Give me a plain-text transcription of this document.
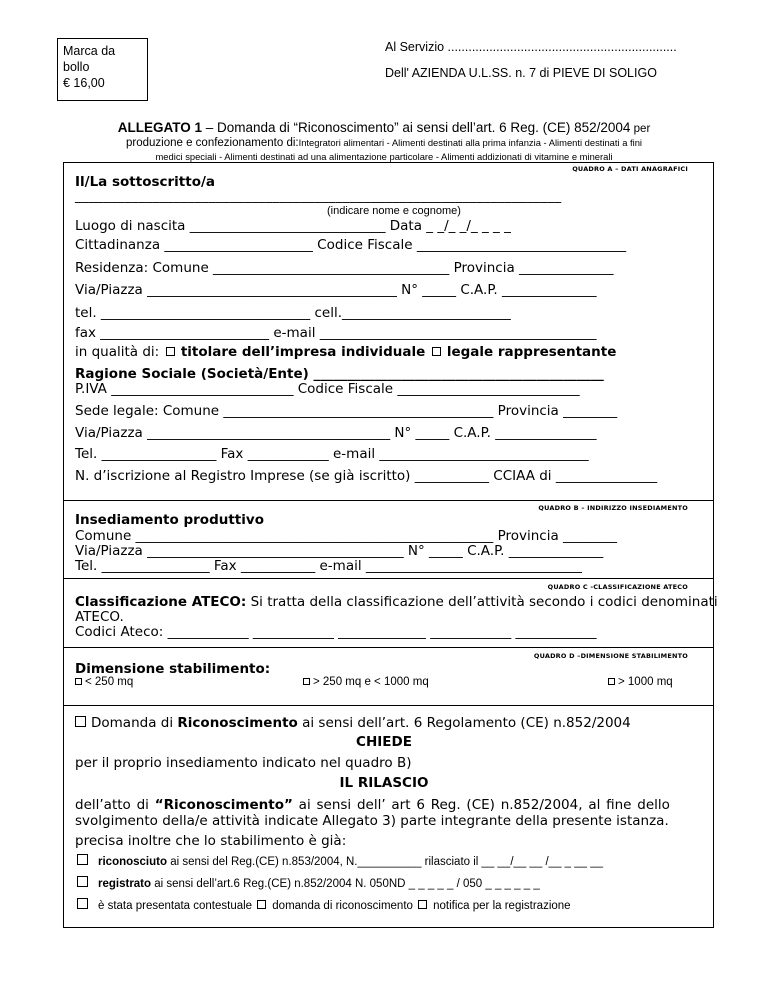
Marca da
bollo
€ 16,00
Al Servizio ..................................................................
Dell' AZIENDA U.L.SS. n. 7 di PIEVE DI SOLIGO
ALLEGATO 1 – Domanda di “Riconoscimento” ai sensi dell’art. 6 Reg. (CE) 852/2004 per
produzione e confezionamento di:Integratori alimentari - Alimenti destinati alla prima infanzia - Alimenti destinati a fini
medici speciali - Alimenti destinati ad una alimentazione particolare - Alimenti addizionati di vitamine e minerali
QUADRO A – DATI ANAGRAFICI
Il/La sottoscritto/a
_____________________________________________________________________
(indicare nome e cognome)
Luogo di nascita _____________________________ Data _ _/_ _/_ _ _ _
Cittadinanza ______________________ Codice Fiscale _______________________________
Residenza: Comune ___________________________________ Provincia ______________
Via/Piazza _____________________________________ N° _____ C.A.P. ______________
tel. _______________________________ cell._________________________
fax _________________________ e-mail _________________________________________
in qualità di: titolare dell’impresa individuale legale rappresentante
Ragione Sociale (Società/Ente) ___________________________________________
P.IVA ___________________________ Codice Fiscale ___________________________
Sede legale: Comune ________________________________________ Provincia ________
Via/Piazza ____________________________________ N° _____ C.A.P. _______________
Tel. _________________ Fax ____________ e-mail _______________________________
N. d’iscrizione al Registro Imprese (se già iscritto) ___________ CCIAA di _______________
QUADRO B – INDIRIZZO INSEDIAMENTO
Insediamento produttivo
Comune _____________________________________________________ Provincia ________
Via/Piazza ______________________________________ N° _____ C.A.P. ______________
Tel. ________________ Fax ___________ e-mail ________________________________
QUADRO C -CLASSIFICAZIONE ATECO
Classificazione ATECO: Si tratta della classificazione dell’attività secondo i codici denominati
ATECO.
Codici Ateco: ____________ ____________ _____________ ____________ ____________
QUADRO D –DIMENSIONE STABILIMENTO
Dimensione stabilimento:
< 250 mq	> 250 mq e < 1000 mq	> 1000 mq
Domanda di Riconoscimento ai sensi dell’art. 6 Regolamento (CE) n.852/2004
CHIEDE
per il proprio insediamento indicato nel quadro B)
IL RILASCIO
dell’atto di “Riconoscimento” ai sensi dell’ art 6 Reg. (CE) n.852/2004, al fine dello
svolgimento della/e attività indicate Allegato 3) parte integrante della presente istanza.
precisa inoltre che lo stabilimento è già:
riconosciuto ai sensi del Reg.(CE) n.853/2004, N.__________ rilasciato il __ __/__ __ /__ _ __ __
registrato ai sensi dell’art.6 Reg.(CE) n.852/2004 N. 050ND _ _ _ _ _ / 050 _ _ _ _ _ _
è stata presentata contestuale domanda di riconoscimento notifica per la registrazione
